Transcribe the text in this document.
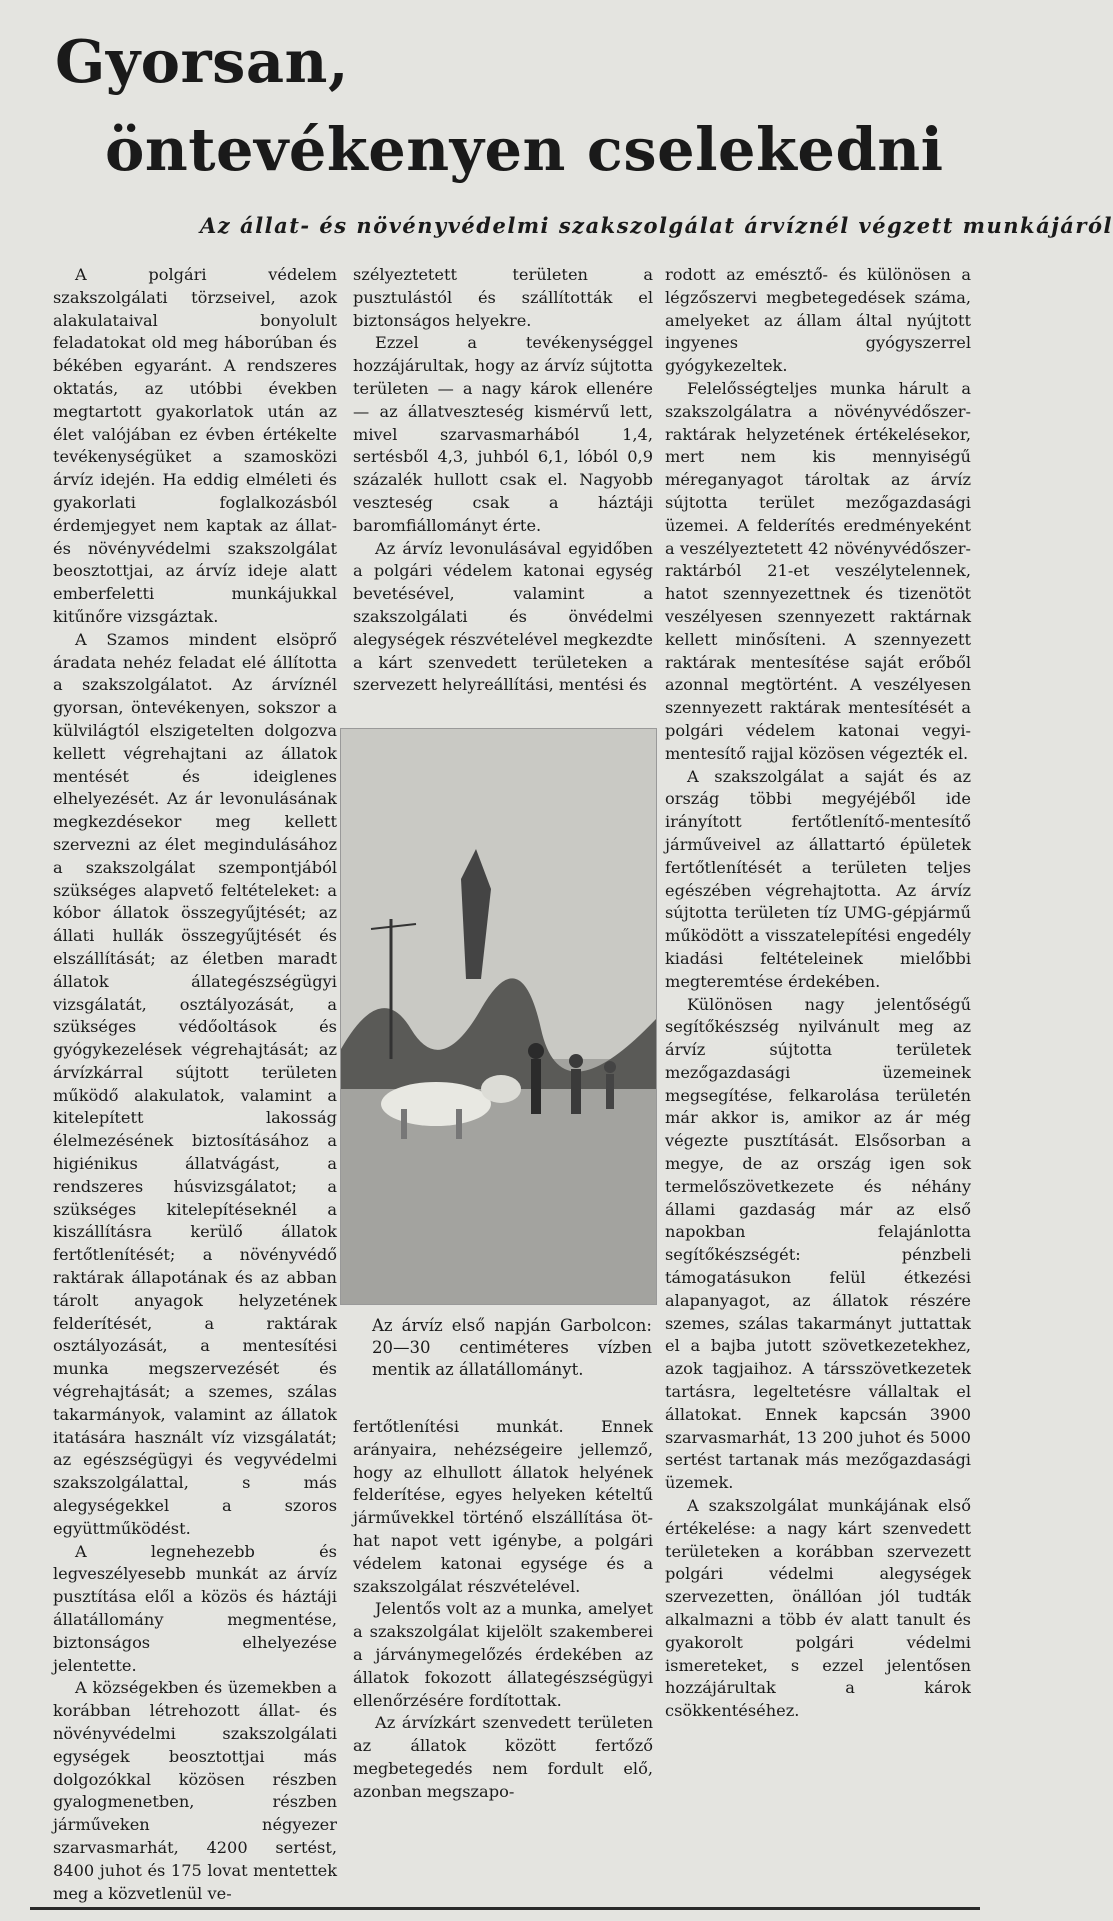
Gyorsan,
öntevékenyen cselekedni
Az állat- és növényvédelmi szakszolgálat árvíznél végzett munkájáról

A polgári védelem szakszolgálati törzseivel, azok alakulataival bonyolult feladatokat old meg háborúban és békében egyaránt. A rendszeres oktatás, az utóbbi években megtartott gyakorlatok után az élet valójában ez évben értékelte tevékenységüket a szamosközi árvíz idején. Ha eddig elméleti és gyakorlati foglalkozásból érdemjegyet nem kaptak az állat- és növényvédelmi szakszolgálat beosztottjai, az árvíz ideje alatt emberfeletti munkájukkal kitűnőre vizsgáztak.

A Szamos mindent elsöprő áradata nehéz feladat elé állította a szakszolgálatot. Az árvíznél gyorsan, öntevékenyen, sokszor a külvilágtól elszigetelten dolgozva kellett végrehajtani az állatok mentését és ideiglenes elhelyezését. Az ár levonulásának megkezdésekor meg kellett szervezni az élet megindulásához a szakszolgálat szempontjából szükséges alapvető feltételeket: a kóbor állatok összegyűjtését; az állati hullák összegyűjtését és elszállítását; az életben maradt állatok állategészségügyi vizsgálatát, osztályozását, a szükséges védőoltások és gyógykezelések végrehajtását; az árvízkárral sújtott területen működő alakulatok, valamint a kitelepített lakosság élelmezésének biztosításához a higiénikus állatvágást, a rendszeres húsvizsgálatot; a szükséges kitelepítéseknél a kiszállításra kerülő állatok fertőtlenítését; a növényvédő raktárak állapotának és az abban tárolt anyagok helyzetének felderítését, a raktárak osztályozását, a mentesítési munka megszervezését és végrehajtását; a szemes, szálas takarmányok, valamint az állatok itatására használt víz vizsgálatát; az egészségügyi és vegyvédelmi szakszolgálattal, s más alegységekkel a szoros együttműködést.

A legnehezebb és legveszélyesebb munkát az árvíz pusztítása elől a közös és háztáji állatállomány megmentése, biztonságos elhelyezése jelentette.

A községekben és üzemekben a korábban létrehozott állat- és növényvédelmi szakszolgálati egységek beosztottjai más dolgozókkal közösen részben gyalogmenetben, részben járműveken négyezer szarvasmarhát, 4200 sertést, 8400 juhot és 175 lovat mentettek meg a közvetlenül ve-

szélyeztetett területen a pusztulástól és szállították el biztonságos helyekre.

Ezzel a tevékenységgel hozzájárultak, hogy az árvíz sújtotta területen — a nagy károk ellenére — az állatveszteség kismérvű lett, mivel szarvasmarhából 1,4, sertésből 4,3, juhból 6,1, lóból 0,9 százalék hullott csak el. Nagyobb veszteség csak a háztáji baromfiállományt érte.

Az árvíz levonulásával egyidőben a polgári védelem katonai egység bevetésével, valamint a szakszolgálati és önvédelmi alegységek részvételével megkezdte a kárt szenvedett területeken a szervezett helyreállítási, mentési és

Az árvíz első napján Garbolcon: 20—30 centiméteres vízben mentik az állatállományt.

fertőtlenítési munkát. Ennek arányaira, nehézségeire jellemző, hogy az elhullott állatok helyének felderítése, egyes helyeken kételtű járművekkel történő elszállítása öt-hat napot vett igénybe, a polgári védelem katonai egysége és a szakszolgálat részvételével.

Jelentős volt az a munka, amelyet a szakszolgálat kijelölt szakemberei a járványmegelőzés érdekében az állatok fokozott állategészségügyi ellenőrzésére fordítottak.

Az árvízkárt szenvedett területen az állatok között fertőző megbetegedés nem fordult elő, azonban megszapo-

rodott az emésztő- és különösen a légzőszervi megbetegedések száma, amelyeket az állam által nyújtott ingyenes gyógyszerrel gyógykezeltek.

Felelősségteljes munka hárult a szakszolgálatra a növényvédőszer-raktárak helyzetének értékelésekor, mert nem kis mennyiségű méreganyagot tároltak az árvíz sújtotta terület mezőgazdasági üzemei. A felderítés eredményeként a veszélyeztetett 42 növényvédőszer-raktárból 21-et veszélytelennek, hatot szennyezettnek és tizenötöt veszélyesen szennyezett raktárnak kellett minősíteni. A szennyezett raktárak mentesítése saját erőből azonnal megtörtént. A veszélyesen szennyezett raktárak mentesítését a polgári védelem katonai vegyi-mentesítő rajjal közösen végezték el.

A szakszolgálat a saját és az ország többi megyéjéből ide irányított fertőtlenítő-mentesítő járműveivel az állattartó épületek fertőtlenítését a területen teljes egészében végrehajtotta. Az árvíz sújtotta területen tíz UMG-gépjármű működött a visszatelepítési engedély kiadási feltételeinek mielőbbi megteremtése érdekében.

Különösen nagy jelentőségű segítőkészség nyilvánult meg az árvíz sújtotta területek mezőgazdasági üzemeinek megsegítése, felkarolása területén már akkor is, amikor az ár még végezte pusztítását. Elsősorban a megye, de az ország igen sok termelőszövetkezete és néhány állami gazdaság már az első napokban felajánlotta segítőkészségét: pénzbeli támogatásukon felül étkezési alapanyagot, az állatok részére szemes, szálas takarmányt juttattak el a bajba jutott szövetkezetekhez, azok tagjaihoz. A társszövetkezetek tartásra, legeltetésre vállaltak el állatokat. Ennek kapcsán 3900 szarvasmarhát, 13 200 juhot és 5000 sertést tartanak más mezőgazdasági üzemek.

A szakszolgálat munkájának első értékelése: a nagy kárt szenvedett területeken a korábban szervezett polgári védelmi alegységek szervezetten, önállóan jól tudták alkalmazni a több év alatt tanult és gyakorolt polgári védelmi ismereteket, s ezzel jelentősen hozzájárultak a károk csökkentéséhez.
